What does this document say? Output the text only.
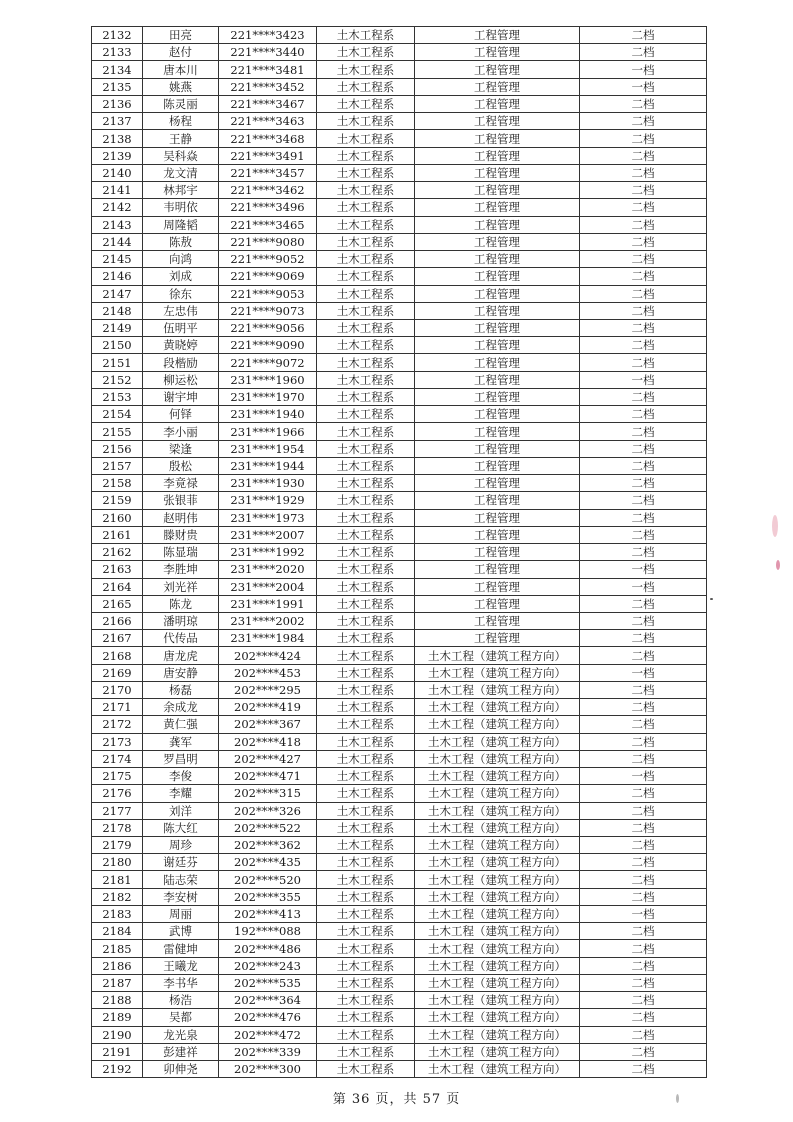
2132	田亮	221****3423	土木工程系	工程管理	二档
2133	赵付	221****3440	土木工程系	工程管理	二档
2134	唐本川	221****3481	土木工程系	工程管理	一档
2135	姚燕	221****3452	土木工程系	工程管理	一档
2136	陈灵丽	221****3467	土木工程系	工程管理	二档
2137	杨程	221****3463	土木工程系	工程管理	二档
2138	王静	221****3468	土木工程系	工程管理	二档
2139	吴科焱	221****3491	土木工程系	工程管理	二档
2140	龙文清	221****3457	土木工程系	工程管理	二档
2141	林邦宇	221****3462	土木工程系	工程管理	二档
2142	韦明依	221****3496	土木工程系	工程管理	二档
2143	周隆韬	221****3465	土木工程系	工程管理	二档
2144	陈敖	221****9080	土木工程系	工程管理	二档
2145	向鸿	221****9052	土木工程系	工程管理	二档
2146	刘成	221****9069	土木工程系	工程管理	二档
2147	徐东	221****9053	土木工程系	工程管理	二档
2148	左忠伟	221****9073	土木工程系	工程管理	二档
2149	伍明平	221****9056	土木工程系	工程管理	二档
2150	黄晓婷	221****9090	土木工程系	工程管理	二档
2151	段楷励	221****9072	土木工程系	工程管理	二档
2152	柳运松	231****1960	土木工程系	工程管理	一档
2153	谢宇坤	231****1970	土木工程系	工程管理	二档
2154	何铎	231****1940	土木工程系	工程管理	二档
2155	李小丽	231****1966	土木工程系	工程管理	二档
2156	梁逢	231****1954	土木工程系	工程管理	二档
2157	殷松	231****1944	土木工程系	工程管理	二档
2158	李竟禄	231****1930	土木工程系	工程管理	二档
2159	张银菲	231****1929	土木工程系	工程管理	二档
2160	赵明伟	231****1973	土木工程系	工程管理	二档
2161	滕财贵	231****2007	土木工程系	工程管理	二档
2162	陈显瑞	231****1992	土木工程系	工程管理	二档
2163	李胜坤	231****2020	土木工程系	工程管理	一档
2164	刘光祥	231****2004	土木工程系	工程管理	一档
2165	陈龙	231****1991	土木工程系	工程管理	二档
2166	潘明琼	231****2002	土木工程系	工程管理	二档
2167	代传品	231****1984	土木工程系	工程管理	二档
2168	唐龙虎	202****424	土木工程系	土木工程（建筑工程方向）	二档
2169	唐安静	202****453	土木工程系	土木工程（建筑工程方向）	一档
2170	杨磊	202****295	土木工程系	土木工程（建筑工程方向）	二档
2171	余成龙	202****419	土木工程系	土木工程（建筑工程方向）	二档
2172	黄仁强	202****367	土木工程系	土木工程（建筑工程方向）	二档
2173	龚军	202****418	土木工程系	土木工程（建筑工程方向）	二档
2174	罗昌明	202****427	土木工程系	土木工程（建筑工程方向）	二档
2175	李俊	202****471	土木工程系	土木工程（建筑工程方向）	一档
2176	李耀	202****315	土木工程系	土木工程（建筑工程方向）	二档
2177	刘洋	202****326	土木工程系	土木工程（建筑工程方向）	二档
2178	陈大红	202****522	土木工程系	土木工程（建筑工程方向）	二档
2179	周珍	202****362	土木工程系	土木工程（建筑工程方向）	二档
2180	谢廷芬	202****435	土木工程系	土木工程（建筑工程方向）	二档
2181	陆志荣	202****520	土木工程系	土木工程（建筑工程方向）	二档
2182	李安树	202****355	土木工程系	土木工程（建筑工程方向）	二档
2183	周丽	202****413	土木工程系	土木工程（建筑工程方向）	一档
2184	武博	192****088	土木工程系	土木工程（建筑工程方向）	二档
2185	雷健坤	202****486	土木工程系	土木工程（建筑工程方向）	二档
2186	王曦龙	202****243	土木工程系	土木工程（建筑工程方向）	二档
2187	李书华	202****535	土木工程系	土木工程（建筑工程方向）	二档
2188	杨浩	202****364	土木工程系	土木工程（建筑工程方向）	二档
2189	吴都	202****476	土木工程系	土木工程（建筑工程方向）	二档
2190	龙光泉	202****472	土木工程系	土木工程（建筑工程方向）	二档
2191	彭建祥	202****339	土木工程系	土木工程（建筑工程方向）	二档
2192	卯伸尧	202****300	土木工程系	土木工程（建筑工程方向）	二档
第 36 页，共 57 页
